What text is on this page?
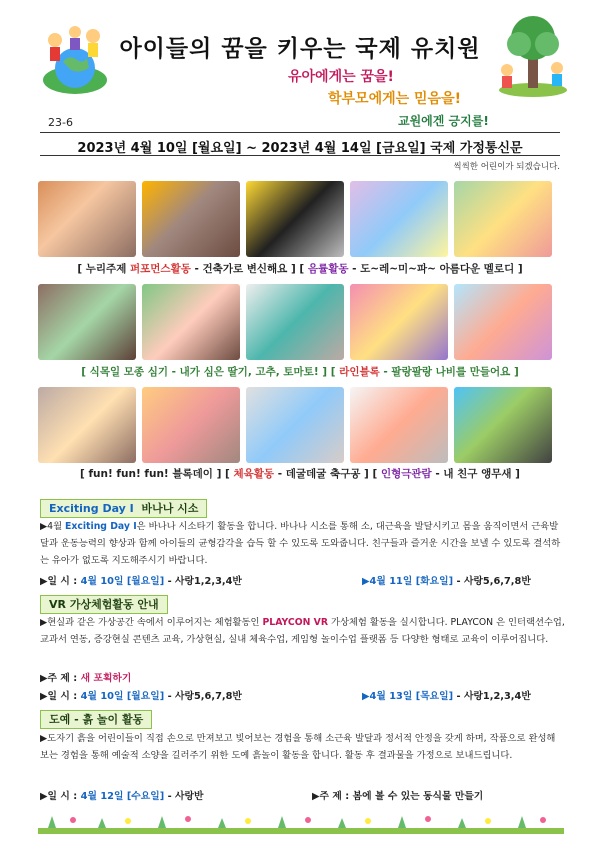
아이들의 꿈을 키우는 국제 유치원
유아에게는 꿈을!
학부모에게는 믿음을!
23-6	교원에겐 긍지를!
2023년 4월 10일 [월요일] ~ 2023년 4월 14일 [금요일] 국제 가정통신문
씩씩한 어린이가 되겠습니다.
[ 누리주제 퍼포먼스활동 - 건축가로 변신해요 ] [ 음률활동 - 도~레~미~파~ 아름다운 멜로디 ]
[ 식목일 모종 심기 - 내가 심은 딸기, 고추, 토마토! ] [ 라인블록 - 팔랑팔랑 나비를 만들어요 ]
[ fun! fun! fun! 블록데이 ] [ 체육활동 - 데굴데굴 축구공 ] [ 인형극관람 - 내 친구 앵무새 ]
Exciting Day Ⅰ 바나나 시소
▶4월 Exciting Day Ⅰ은 바나나 시소타기 활동을 합니다. 바나나 시소를 통해 소, 대근육을 발달시키고 몸을 움직이면서 근육발달과 운동능력의 향상과 함께 아이들의 균형감각을 습득 할 수 있도록 도와줍니다. 친구들과 즐거운 시간을 보낼 수 있도록 결석하는 유아가 없도록 지도해주시기 바랍니다.
▶일 시 : 4월 10일 [월요일] - 사랑1,2,3,4반	▶4월 11일 [화요일] - 사랑5,6,7,8반
VR 가상체험활동 안내
▶현실과 같은 가상공간 속에서 이루어지는 체험활동인 PLAYCON VR 가상체험 활동을 실시합니다. PLAYCON 은 인터랙션수업, 교과서 연동, 증강현실 콘텐츠 교육, 가상현실, 실내 체육수업, 게임형 놀이수업 플랫폼 등 다양한 형태로 교육이 이루어집니다.
▶주 제 : 새 포획하기
▶일 시 : 4월 10일 [월요일] - 사랑5,6,7,8반	▶4월 13일 [목요일] - 사랑1,2,3,4반
도예 - 흙 놀이 활동
▶도자기 흙을 어린이들이 직접 손으로 만져보고 빚어보는 경험을 통해 소근육 발달과 정서적 안정을 갖게 하며, 작품으로 완성해 보는 경험을 통해 예술적 소양을 길러주기 위한 도예 흙놀이 활동을 합니다. 활동 후 결과물을 가정으로 보내드립니다.
▶일 시 : 4월 12일 [수요일] - 사랑반	▶주 제 : 봄에 볼 수 있는 동식물 만들기
